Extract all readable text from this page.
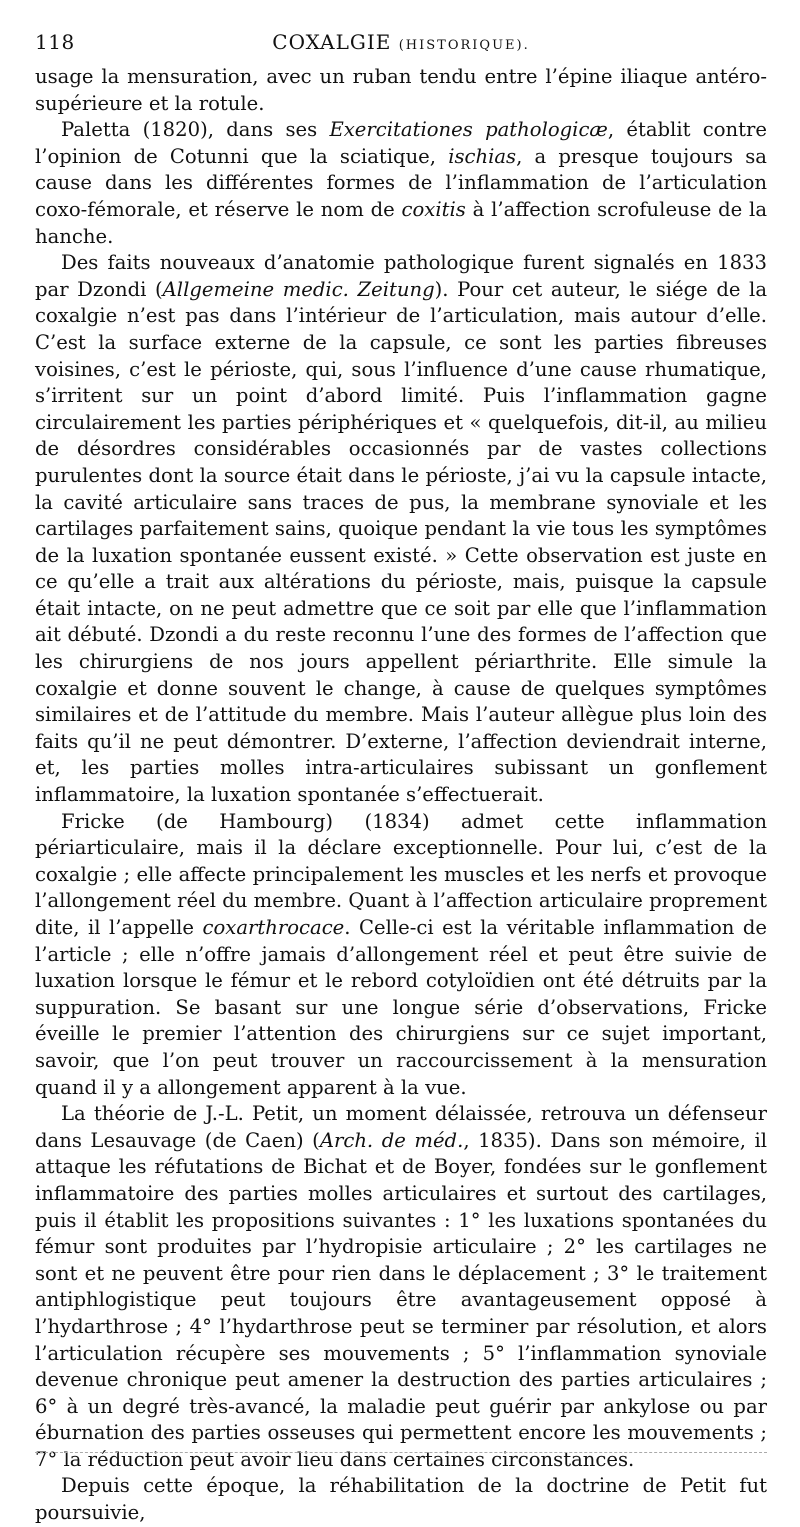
118	COXALGIE (HISTORIQUE).

usage la mensuration, avec un ruban tendu entre l’épine iliaque antéro-supérieure et la rotule.

Paletta (1820), dans ses Exercitationes pathologicæ, établit contre l’opinion de Cotunni que la sciatique, ischias, a presque toujours sa cause dans les différentes formes de l’inflammation de l’articulation coxo-fémorale, et réserve le nom de coxitis à l’affection scrofuleuse de la hanche.

Des faits nouveaux d’anatomie pathologique furent signalés en 1833 par Dzondi (Allgemeine medic. Zeitung). Pour cet auteur, le siége de la coxalgie n’est pas dans l’intérieur de l’articulation, mais autour d’elle. C’est la surface externe de la capsule, ce sont les parties fibreuses voisines, c’est le périoste, qui, sous l’influence d’une cause rhumatique, s’irritent sur un point d’abord limité. Puis l’inflammation gagne circulairement les parties périphériques et « quelquefois, dit-il, au milieu de désordres considérables occasionnés par de vastes collections purulentes dont la source était dans le périoste, j’ai vu la capsule intacte, la cavité articulaire sans traces de pus, la membrane synoviale et les cartilages parfaitement sains, quoique pendant la vie tous les symptômes de la luxation spontanée eussent existé. » Cette observation est juste en ce qu’elle a trait aux altérations du périoste, mais, puisque la capsule était intacte, on ne peut admettre que ce soit par elle que l’inflammation ait débuté. Dzondi a du reste reconnu l’une des formes de l’affection que les chirurgiens de nos jours appellent périarthrite. Elle simule la coxalgie et donne souvent le change, à cause de quelques symptômes similaires et de l’attitude du membre. Mais l’auteur allègue plus loin des faits qu’il ne peut démontrer. D’externe, l’affection deviendrait interne, et, les parties molles intra-articulaires subissant un gonflement inflammatoire, la luxation spontanée s’effectuerait.

Fricke (de Hambourg) (1834) admet cette inflammation périarticulaire, mais il la déclare exceptionnelle. Pour lui, c’est de la coxalgie ; elle affecte principalement les muscles et les nerfs et provoque l’allongement réel du membre. Quant à l’affection articulaire proprement dite, il l’appelle coxarthrocace. Celle-ci est la véritable inflammation de l’article ; elle n’offre jamais d’allongement réel et peut être suivie de luxation lorsque le fémur et le rebord cotyloïdien ont été détruits par la suppuration. Se basant sur une longue série d’observations, Fricke éveille le premier l’attention des chirurgiens sur ce sujet important, savoir, que l’on peut trouver un raccourcissement à la mensuration quand il y a allongement apparent à la vue.

La théorie de J.-L. Petit, un moment délaissée, retrouva un défenseur dans Lesauvage (de Caen) (Arch. de méd., 1835). Dans son mémoire, il attaque les réfutations de Bichat et de Boyer, fondées sur le gonflement inflammatoire des parties molles articulaires et surtout des cartilages, puis il établit les propositions suivantes : 1° les luxations spontanées du fémur sont produites par l’hydropisie articulaire ; 2° les cartilages ne sont et ne peuvent être pour rien dans le déplacement ; 3° le traitement antiphlogistique peut toujours être avantageusement opposé à l’hydarthrose ; 4° l’hydarthrose peut se terminer par résolution, et alors l’articulation récupère ses mouvements ; 5° l’inflammation synoviale devenue chronique peut amener la destruction des parties articulaires ; 6° à un degré très-avancé, la maladie peut guérir par ankylose ou par éburnation des parties osseuses qui permettent encore les mouvements ; 7° la réduction peut avoir lieu dans certaines circonstances.

Depuis cette époque, la réhabilitation de la doctrine de Petit fut poursuivie,
